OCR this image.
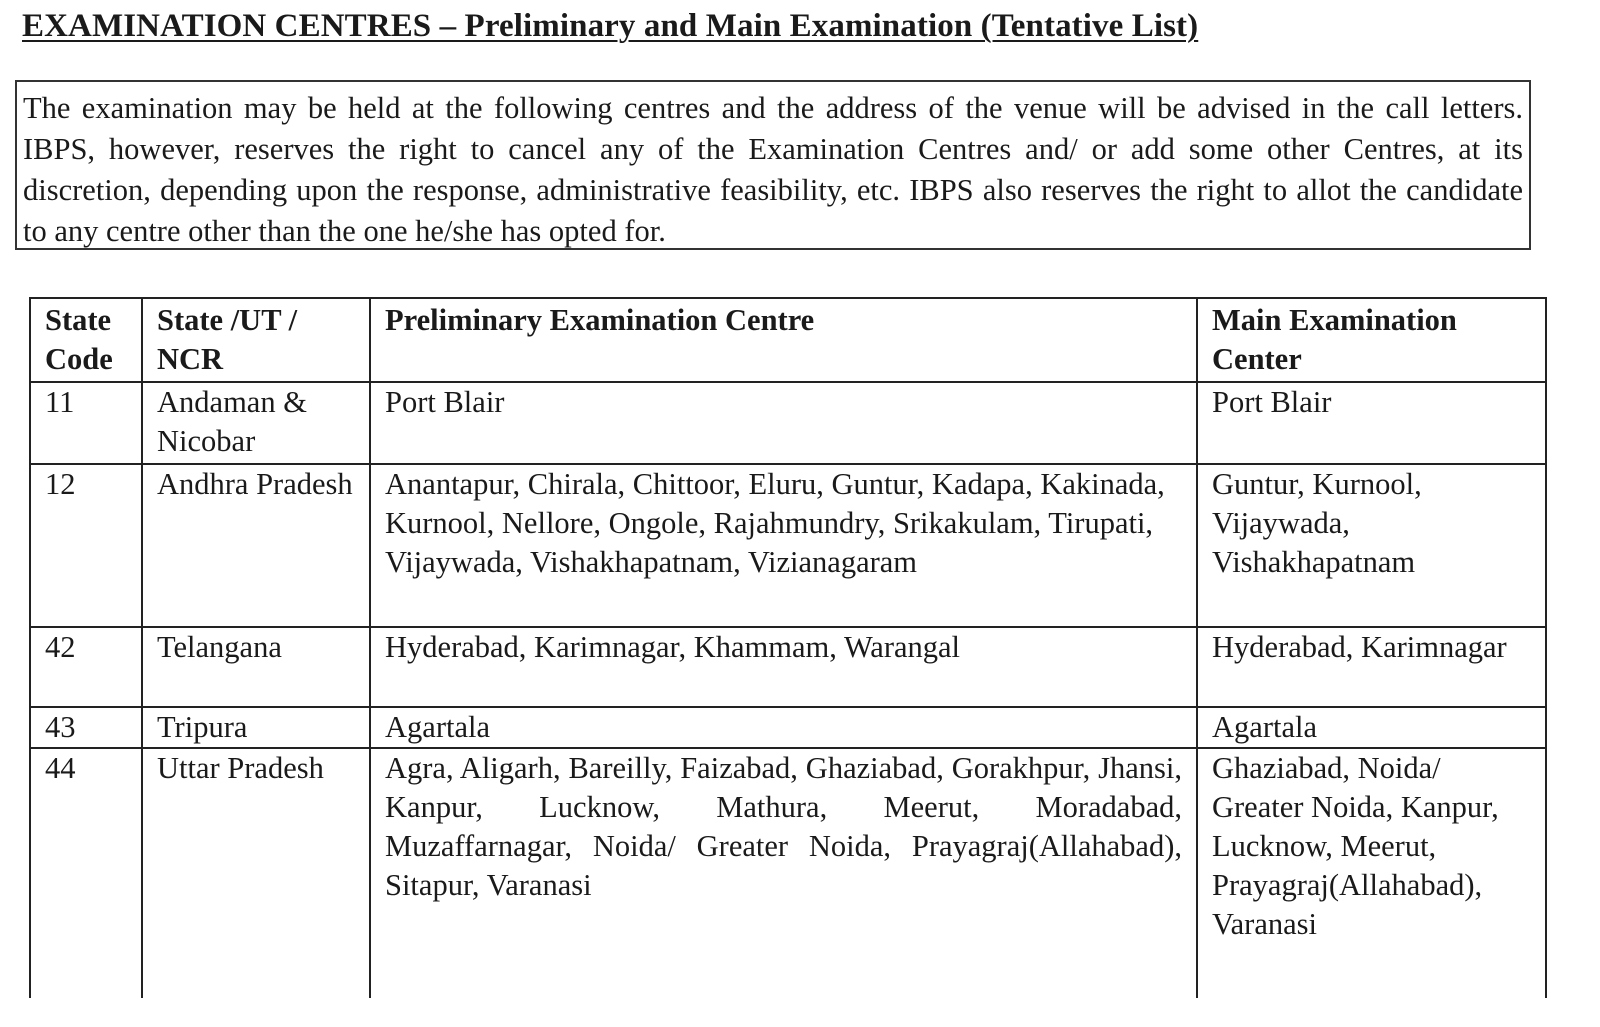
EXAMINATION CENTRES – Preliminary and Main Examination (Tentative List)
The examination may be held at the following centres and the address of the venue will be advised in the call letters. IBPS, however, reserves the right to cancel any of the Examination Centres and/ or add some other Centres, at its discretion, depending upon the response, administrative feasibility, etc. IBPS also reserves the right to allot the candidate to any centre other than the one he/she has opted for.
State Code	State /UT / NCR	Preliminary Examination Centre	Main Examination Center
11	Andaman & Nicobar	Port Blair	Port Blair
12	Andhra Pradesh	Anantapur, Chirala, Chittoor, Eluru, Guntur, Kadapa, Kakinada, Kurnool, Nellore, Ongole, Rajahmundry, Srikakulam, Tirupati, Vijaywada, Vishakhapatnam, Vizianagaram	Guntur, Kurnool, Vijaywada, Vishakhapatnam
42	Telangana	Hyderabad, Karimnagar, Khammam, Warangal	Hyderabad, Karimnagar
43	Tripura	Agartala	Agartala
44	Uttar Pradesh	Agra, Aligarh, Bareilly, Faizabad, Ghaziabad, Gorakhpur, Jhansi, Kanpur, Lucknow, Mathura, Meerut, Moradabad, Muzaffarnagar, Noida/ Greater Noida, Prayagraj(Allahabad), Sitapur, Varanasi	Ghaziabad, Noida/ Greater Noida, Kanpur, Lucknow, Meerut, Prayagraj(Allahabad), Varanasi
